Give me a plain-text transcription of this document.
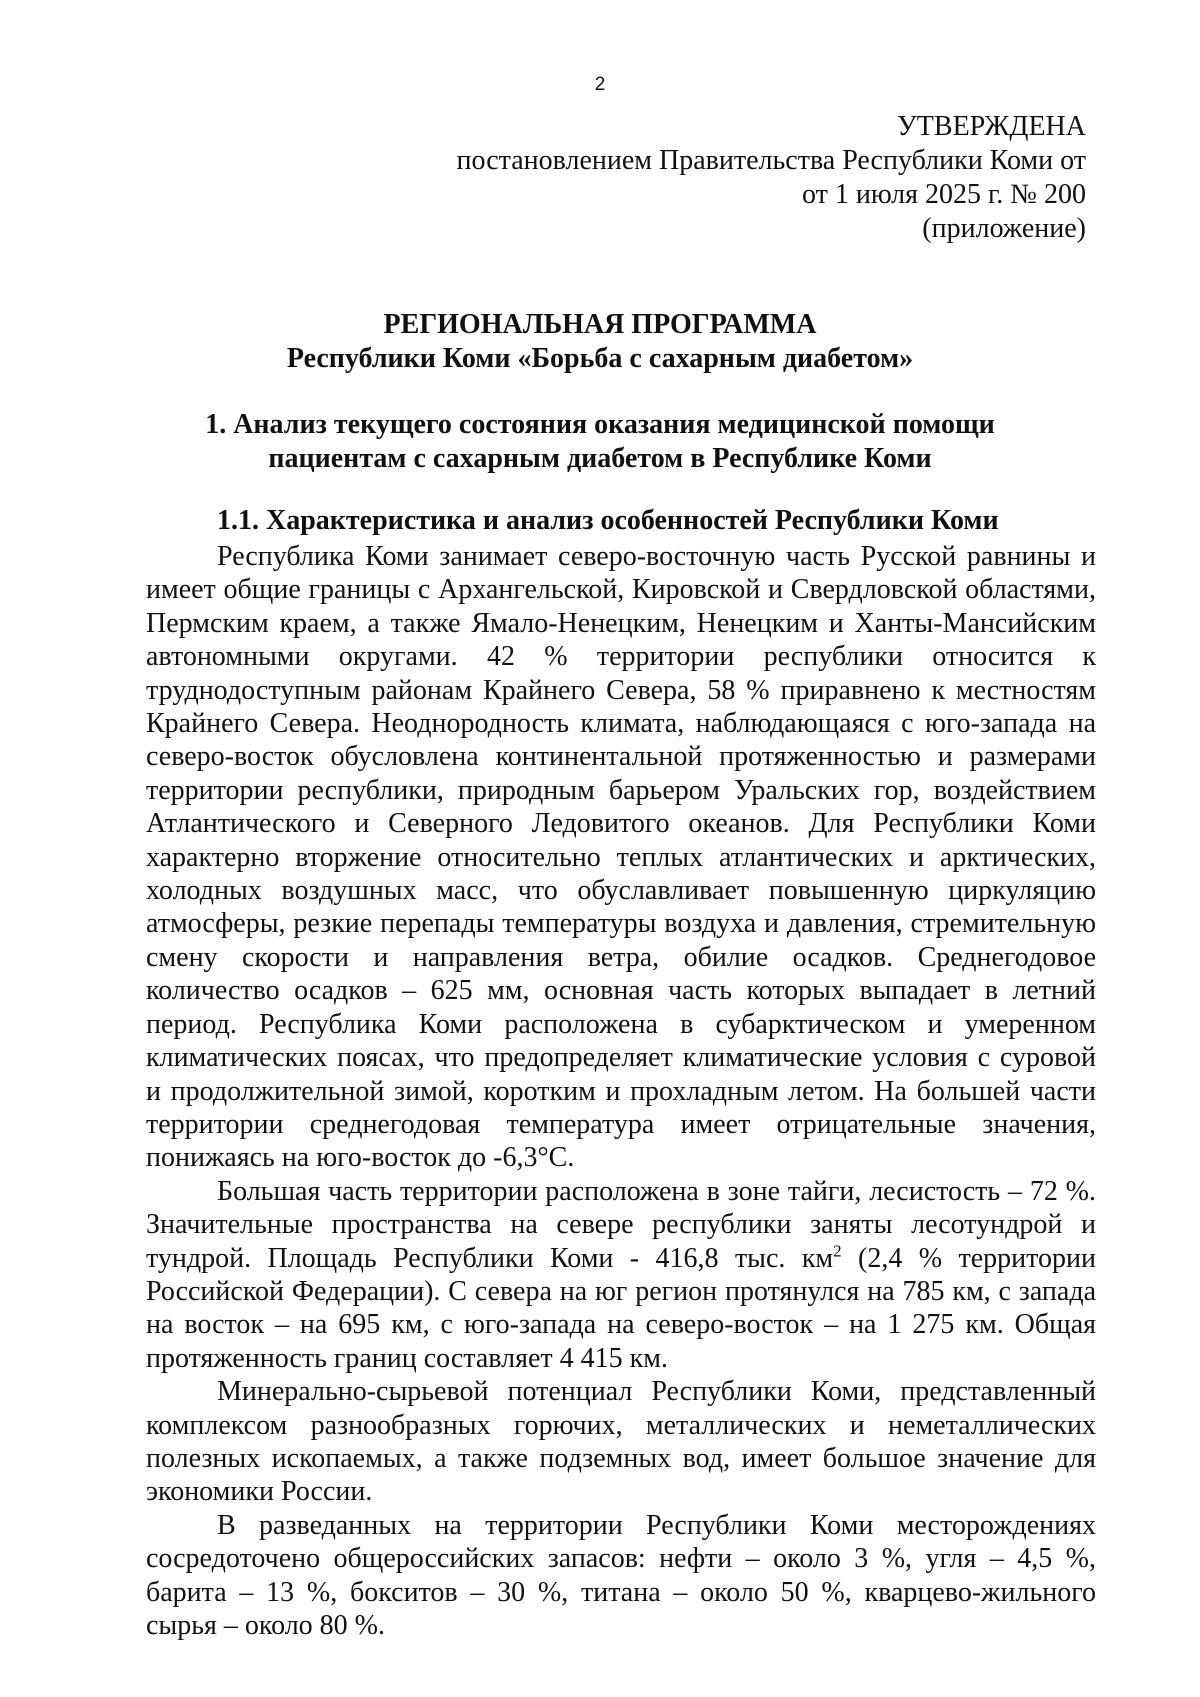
2
УТВЕРЖДЕНА
постановлением Правительства Республики Коми от
от 1 июля 2025 г. № 200
(приложение)
РЕГИОНАЛЬНАЯ ПРОГРАММА
Республики Коми «Борьба с сахарным диабетом»
1. Анализ текущего состояния оказания медицинской помощи
пациентам с сахарным диабетом в Республике Коми
1.1. Характеристика и анализ особенностей Республики Коми

Республика Коми занимает северо-восточную часть Русской равнины и имеет общие границы с Архангельской, Кировской и Свердловской областями, Пермским краем, а также Ямало-Ненецким, Ненецким и Ханты-Мансийским автономными округами. 42 % территории республики относится к труднодоступным районам Крайнего Севера, 58 % приравнено к местностям Крайнего Севера. Неоднородность климата, наблюдающаяся с юго-запада на северо-восток обусловлена континентальной протяженностью и размерами территории республики, природным барьером Уральских гор, воздействием Атлантического и Северного Ледовитого океанов. Для Республики Коми характерно вторжение относительно теплых атлантических и арктических, холодных воздушных масс, что обуславливает повышенную циркуляцию атмосферы, резкие перепады температуры воздуха и давления, стремительную смену скорости и направления ветра, обилие осадков. Среднегодовое количество осадков – 625 мм, основная часть которых выпадает в летний период. Республика Коми расположена в субарктическом и умеренном климатических поясах, что предопределяет климатические условия с суровой и продолжительной зимой, коротким и прохладным летом. На большей части территории среднегодовая температура имеет отрицательные значения, понижаясь на юго-восток до -6,3°С.

Большая часть территории расположена в зоне тайги, лесистость – 72 %. Значительные пространства на севере республики заняты лесотундрой и тундрой. Площадь Республики Коми - 416,8 тыс. $км^2$ (2,4 % территории Российской Федерации). С севера на юг регион протянулся на 785 км, с запада на восток – на 695 км, с юго-запада на северо-восток – на 1 275 км. Общая протяженность границ составляет 4 415 км.

Минерально-сырьевой потенциал Республики Коми, представленный комплексом разнообразных горючих, металлических и неметаллических полезных ископаемых, а также подземных вод, имеет большое значение для экономики России.

В разведанных на территории Республики Коми месторождениях сосредоточено общероссийских запасов: нефти – около 3 %, угля – 4,5 %, барита – 13 %, бокситов – 30 %, титана – около 50 %, кварцево-жильного сырья – около 80 %.
